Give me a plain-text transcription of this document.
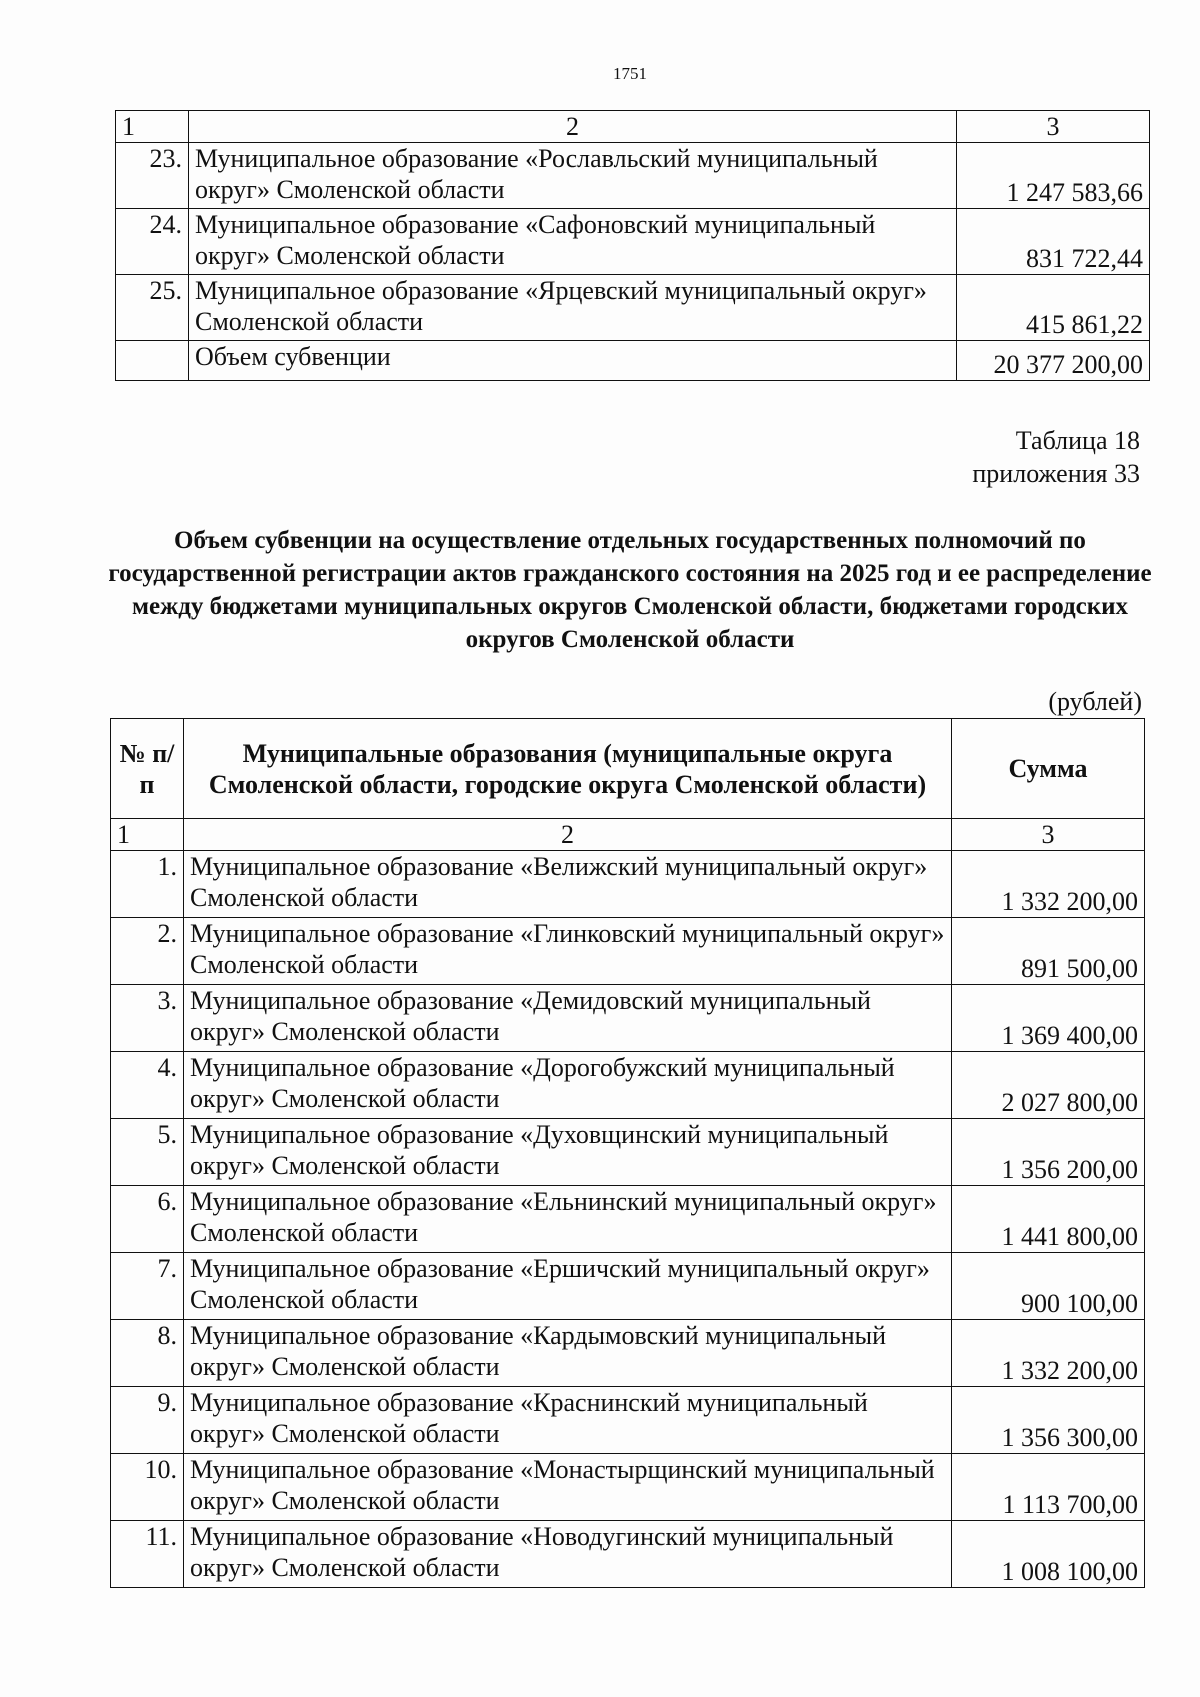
1751
1	2	3
23.	Муниципальное образование «Рославльский муниципальный округ» Смоленской области	1 247 583,66
24.	Муниципальное образование «Сафоновский муниципальный округ» Смоленской области	831 722,44
25.	Муниципальное образование «Ярцевский муниципальный округ» Смоленской области	415 861,22
	Объем субвенции	20 377 200,00
Таблица 18
приложения 33
Объем субвенции на осуществление отдельных государственных полномочий по государственной регистрации актов гражданского состояния на 2025 год и ее распределение между бюджетами муниципальных округов Смоленской области, бюджетами городских округов Смоленской области
(рублей)
№ п/п	Муниципальные образования (муниципальные округа Смоленской области, городские округа Смоленской области)	Сумма
1	2	3
1.	Муниципальное образование «Велижский муниципальный округ» Смоленской области	1 332 200,00
2.	Муниципальное образование «Глинковский муниципальный округ» Смоленской области	891 500,00
3.	Муниципальное образование «Демидовский муниципальный округ» Смоленской области	1 369 400,00
4.	Муниципальное образование «Дорогобужский муниципальный округ» Смоленской области	2 027 800,00
5.	Муниципальное образование «Духовщинский муниципальный округ» Смоленской области	1 356 200,00
6.	Муниципальное образование «Ельнинский муниципальный округ» Смоленской области	1 441 800,00
7.	Муниципальное образование «Ершичский муниципальный округ» Смоленской области	900 100,00
8.	Муниципальное образование «Кардымовский муниципальный округ» Смоленской области	1 332 200,00
9.	Муниципальное образование «Краснинский муниципальный округ» Смоленской области	1 356 300,00
10.	Муниципальное образование «Монастырщинский муниципальный округ» Смоленской области	1 113 700,00
11.	Муниципальное образование «Новодугинский муниципальный округ» Смоленской области	1 008 100,00
